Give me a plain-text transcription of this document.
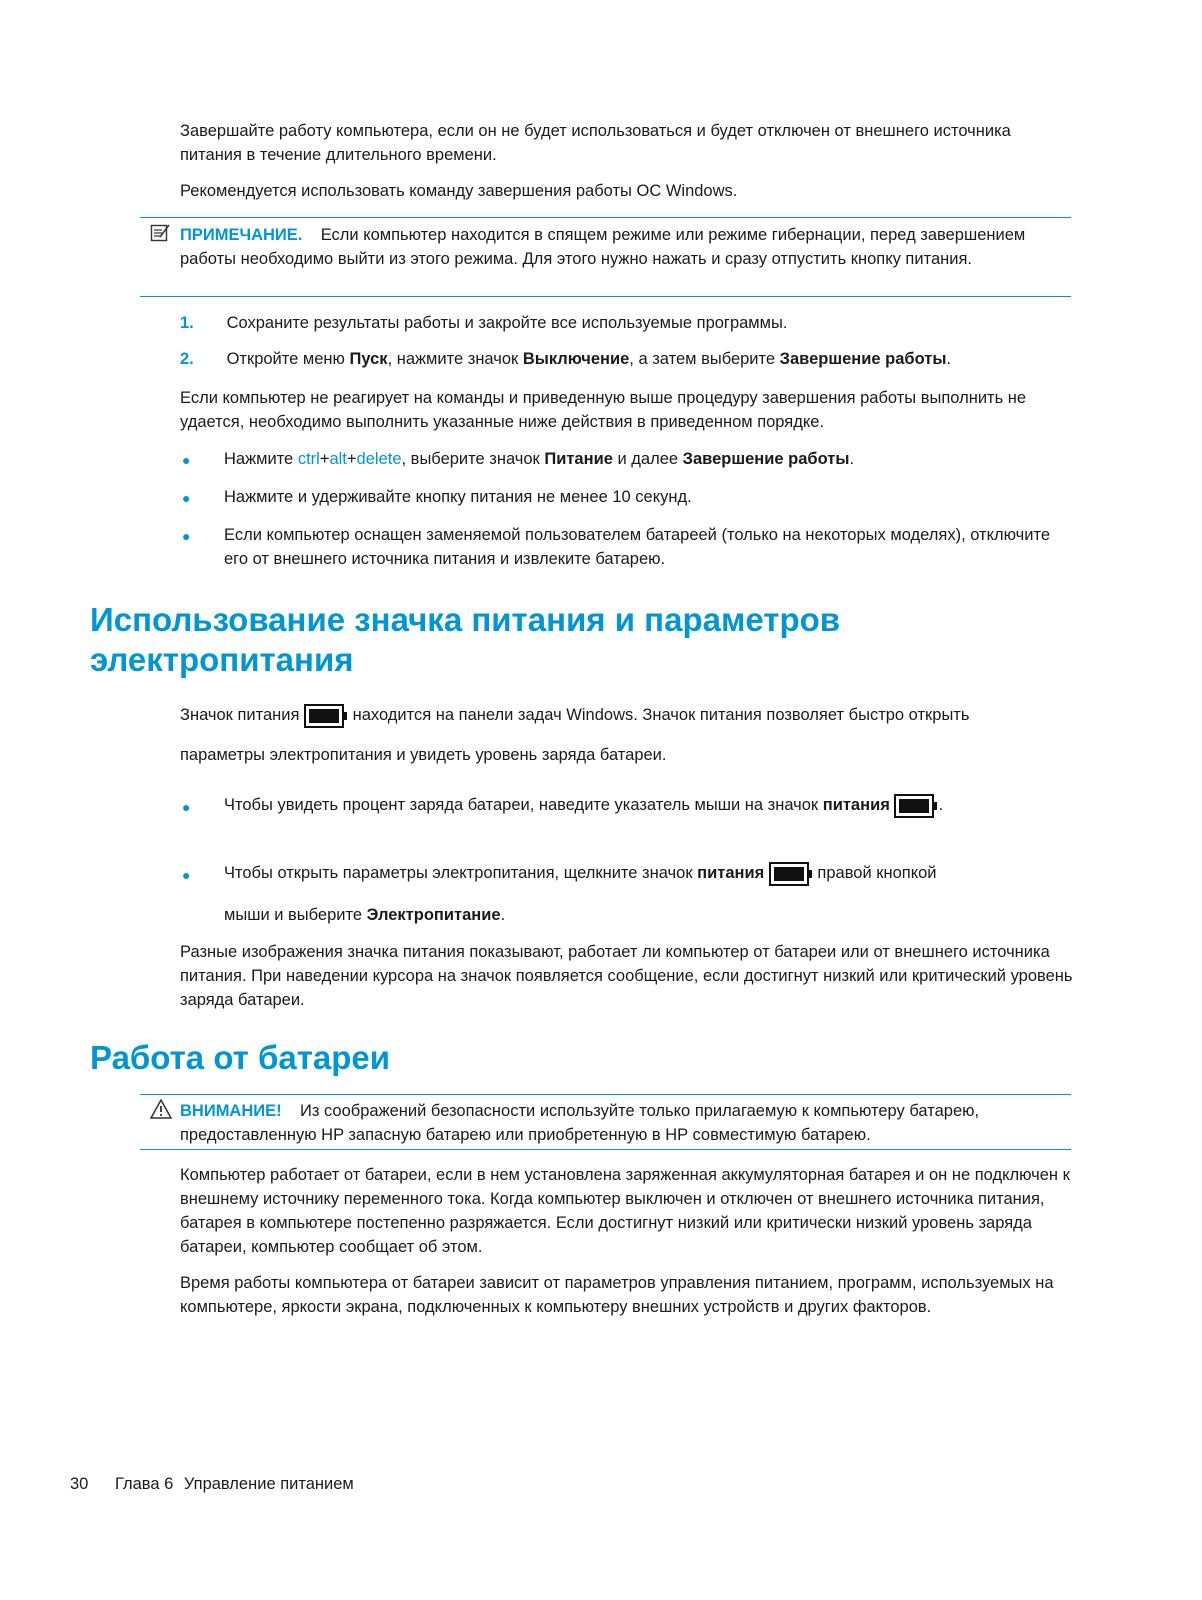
Завершайте работу компьютера, если он не будет использоваться и будет отключен от внешнего источника питания в течение длительного времени.

Рекомендуется использовать команду завершения работы ОС Windows.

ПРИМЕЧАНИЕ. Если компьютер находится в спящем режиме или режиме гибернации, перед завершением работы необходимо выйти из этого режима. Для этого нужно нажать и сразу отпустить кнопку питания.

1. Сохраните результаты работы и закройте все используемые программы.
2. Откройте меню Пуск, нажмите значок Выключение, а затем выберите Завершение работы.

Если компьютер не реагирует на команды и приведенную выше процедуру завершения работы выполнить не удается, необходимо выполнить указанные ниже действия в приведенном порядке.

● Нажмите ctrl+alt+delete, выберите значок Питание и далее Завершение работы.
● Нажмите и удерживайте кнопку питания не менее 10 секунд.
● Если компьютер оснащен заменяемой пользователем батареей (только на некоторых моделях), отключите его от внешнего источника питания и извлеките батарею.
Использование значка питания и параметров
электропитания
Значок питания	находится на панели задач Windows. Значок питания позволяет быстро открыть
параметры электропитания и увидеть уровень заряда батареи.
● Чтобы увидеть процент заряда батареи, наведите указатель мыши на значок питания	.
● Чтобы открыть параметры электропитания, щелкните значок питания	правой кнопкой
мыши и выберите Электропитание.

Разные изображения значка питания показывают, работает ли компьютер от батареи или от внешнего источника питания. При наведении курсора на значок появляется сообщение, если достигнут низкий или критический уровень заряда батареи.

Работа от батареи

ВНИМАНИЕ! Из соображений безопасности используйте только прилагаемую к компьютеру батарею, предоставленную HP запасную батарею или приобретенную в HP совместимую батарею.

Компьютер работает от батареи, если в нем установлена заряженная аккумуляторная батарея и он не подключен к внешнему источнику переменного тока. Когда компьютер выключен и отключен от внешнего источника питания, батарея в компьютере постепенно разряжается. Если достигнут низкий или критически низкий уровень заряда батареи, компьютер сообщает об этом.

Время работы компьютера от батареи зависит от параметров управления питанием, программ, используемых на компьютере, яркости экрана, подключенных к компьютеру внешних устройств и других факторов.

30 Глава 6 Управление питанием
